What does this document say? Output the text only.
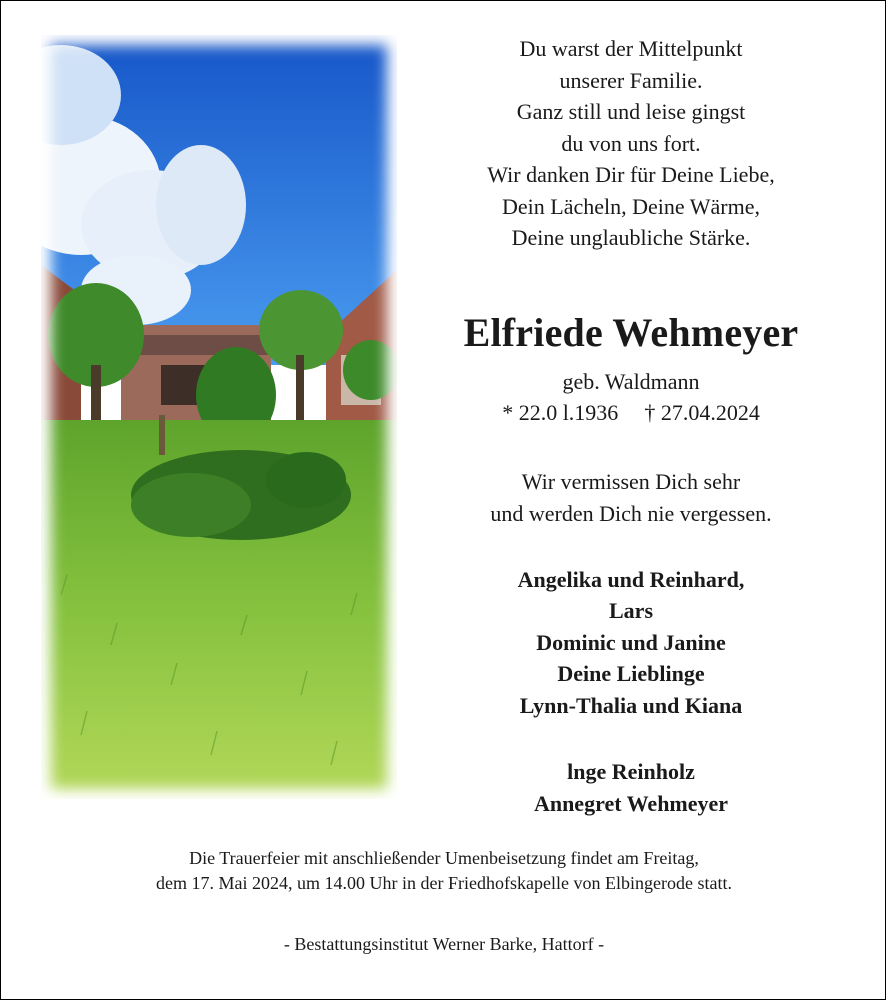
Du warst der Mittelpunkt
unserer Familie.
Ganz still und leise gingst
du von uns fort.
Wir danken Dir für Deine Liebe,
Dein Lächeln, Deine Wärme,
Deine unglaubliche Stärke.
Elfriede Wehmeyer
geb. Waldmann
* 22.0 l.1936 † 27.04.2024
Wir vermissen Dich sehr
und werden Dich nie vergessen.
Angelika und Reinhard,
Lars
Dominic und Janine
Deine Lieblinge
Lynn-Thalia und Kiana
lnge Reinholz
Annegret Wehmeyer
Die Trauerfeier mit anschließender Umenbeisetzung findet am Freitag,
dem 17. Mai 2024, um 14.00 Uhr in der Friedhofskapelle von Elbingerode statt.
- Bestattungsinstitut Werner Barke, Hattorf -
